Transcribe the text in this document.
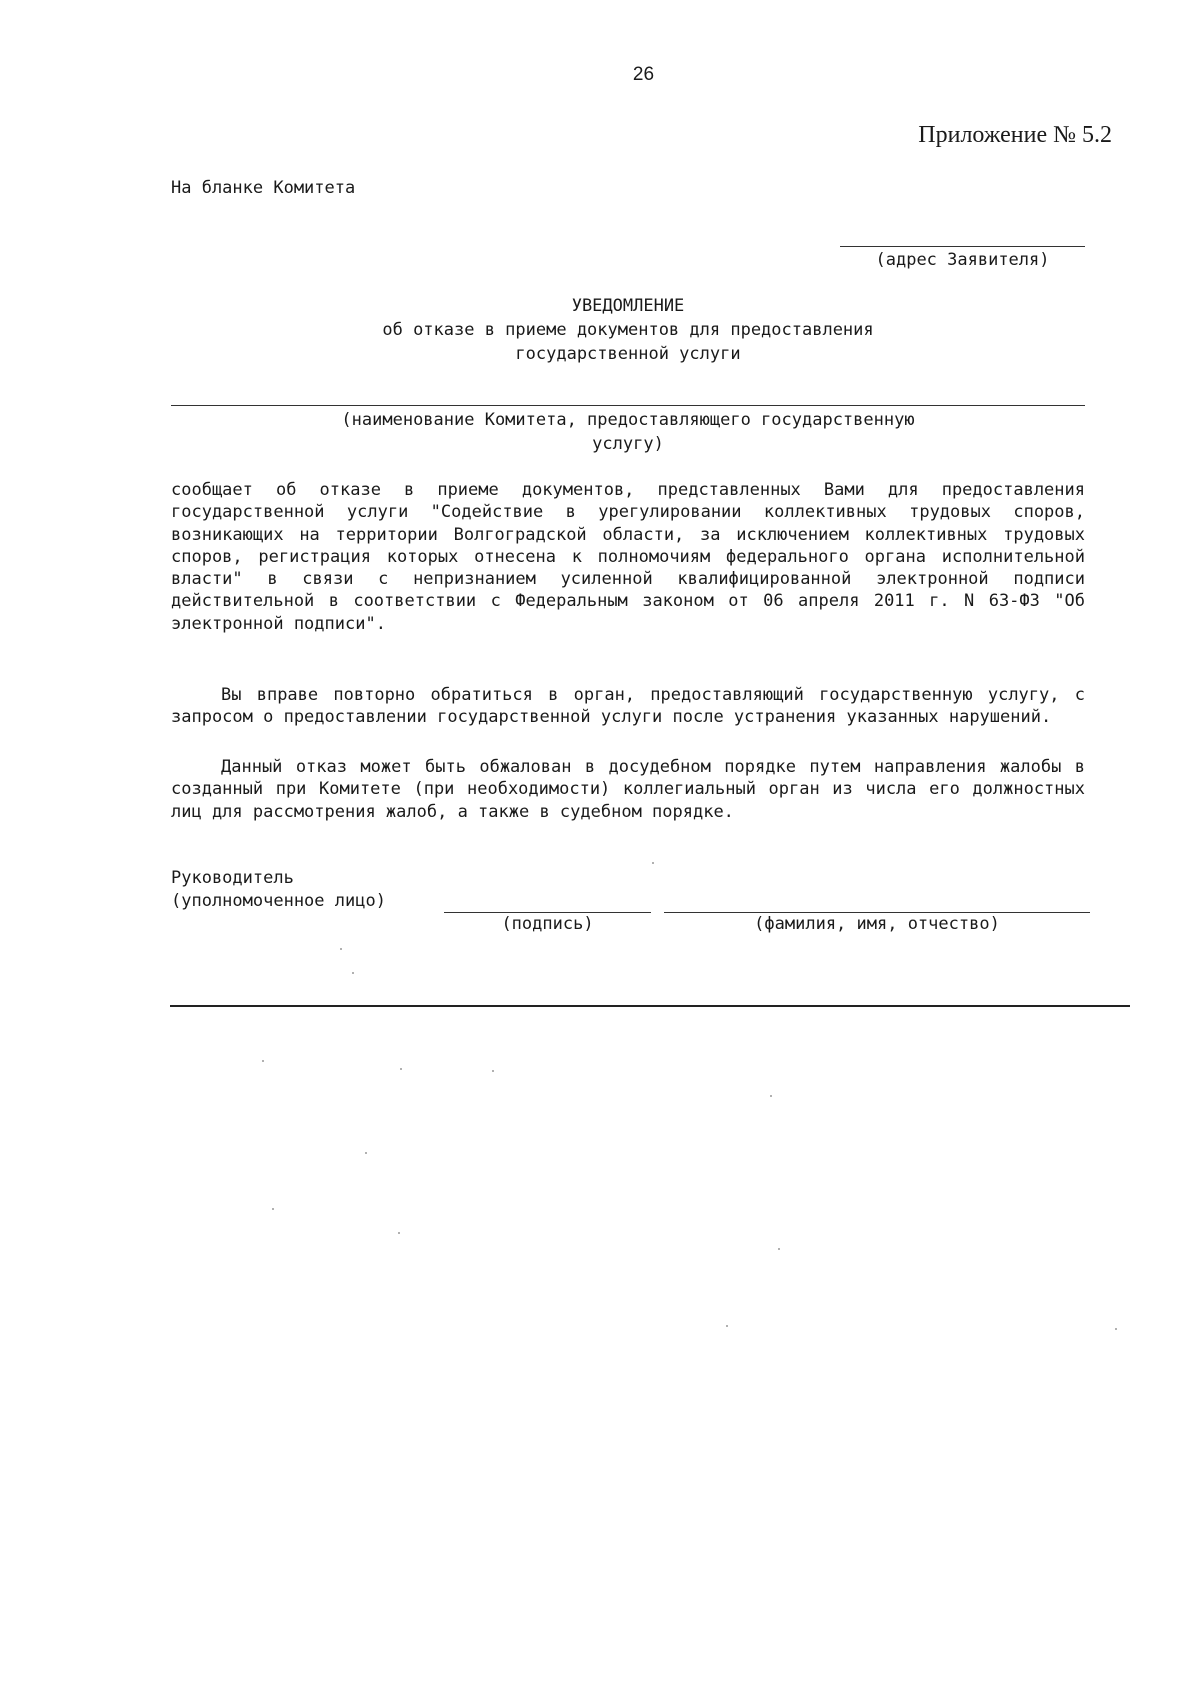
26
Приложение № 5.2
На бланке Комитета
(адрес Заявителя)
УВЕДОМЛЕНИЕ
об отказе в приеме документов для предоставления
государственной услуги
(наименование Комитета, предоставляющего государственную
услугу)

сообщает об отказе в приеме документов, представленных Вами для предоставления государственной услуги "Содействие в урегулировании коллективных трудовых споров, возникающих на территории Волгоградской области, за исключением коллективных трудовых споров, регистрация которых отнесена к полномочиям федерального органа исполнительной власти" в связи с непризнанием усиленной квалифицированной электронной подписи действительной в соответствии с Федеральным законом от 06 апреля 2011 г. N 63-ФЗ "Об электронной подписи".

Вы вправе повторно обратиться в орган, предоставляющий государственную услугу, с запросом о предоставлении государственной услуги после устранения указанных нарушений.

Данный отказ может быть обжалован в досудебном порядке путем направления жалобы в созданный при Комитете (при необходимости) коллегиальный орган из числа его должностных лиц для рассмотрения жалоб, а также в судебном порядке.

Руководитель
(уполномоченное лицо)
(подпись)	(фамилия, имя, отчество)
